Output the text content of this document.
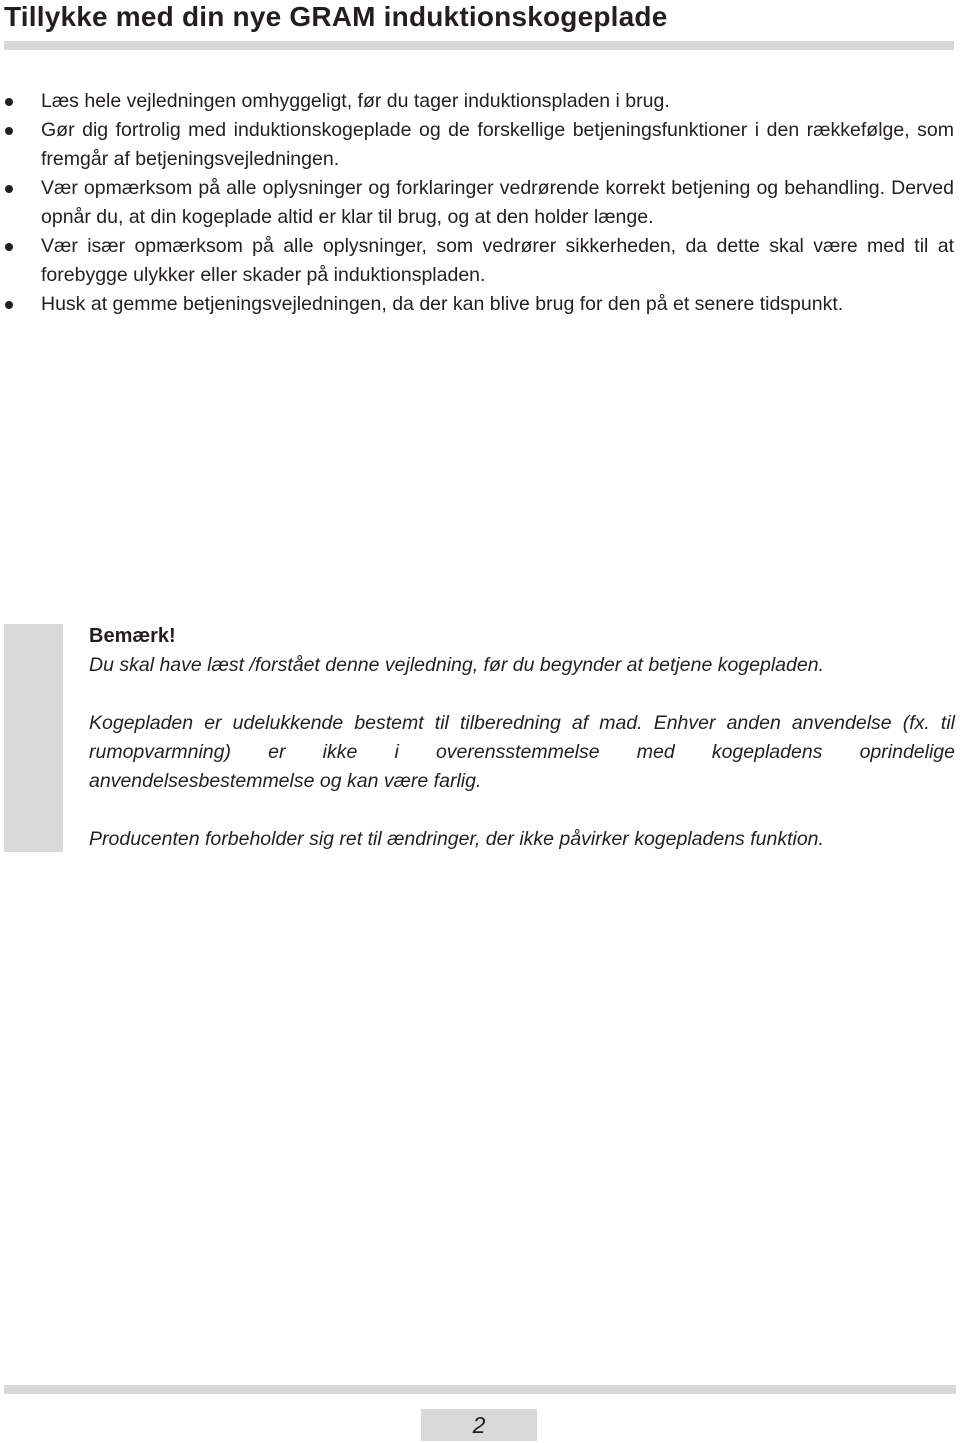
Tillykke med din nye GRAM induktionskogeplade
Læs hele vejledningen omhyggeligt, før du tager induktionspladen i brug.
Gør dig fortrolig med induktionskogeplade og de forskellige betjeningsfunktioner i den rækkefølge, som fremgår af betjeningsvejledningen.
Vær opmærksom på alle oplysninger og forklaringer vedrørende korrekt betjening og behandling. Derved opnår du, at din kogeplade altid er klar til brug, og at den holder længe.
Vær især opmærksom på alle oplysninger, som vedrører sikkerheden, da dette skal være med til at forebygge ulykker eller skader på induktionspladen.
Husk at gemme betjeningsvejledningen, da der kan blive brug for den på et senere tidspunkt.

Bemærk!

Du skal have læst /forstået denne vejledning, før du begynder at betjene kogepladen.

Kogepladen er udelukkende bestemt til tilberedning af mad. Enhver anden anvendelse (fx. til rumopvarmning) er ikke i overensstemmelse med kogepladens oprindelige anvendelsesbestemmelse og kan være farlig.

Producenten forbeholder sig ret til ændringer, der ikke påvirker kogepladens funktion.

2
